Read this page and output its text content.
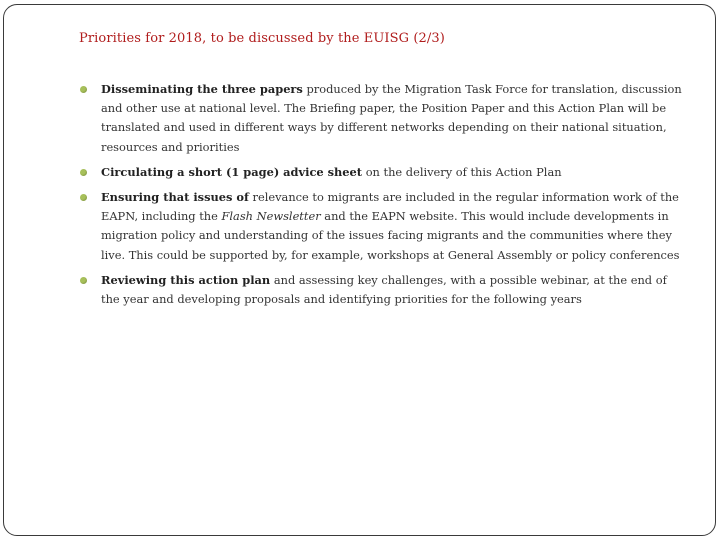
Priorities for 2018, to be discussed by the EUISG (2/3)
Disseminating the three papers produced by the Migration Task Force for translation, discussion and other use at national level. The Briefing paper, the Position Paper and this Action Plan will be translated and used in different ways by different networks depending on their national situation, resources and priorities
Circulating a short (1 page) advice sheet on the delivery of this Action Plan
Ensuring that issues of relevance to migrants are included in the regular information work of the EAPN, including the Flash Newsletter and the EAPN website. This would include developments in migration policy and understanding of the issues facing migrants and the communities where they live. This could be supported by, for example, workshops at General Assembly or policy conferences
Reviewing this action plan and assessing key challenges, with a possible webinar, at the end of the year and developing proposals and identifying priorities for the following years
